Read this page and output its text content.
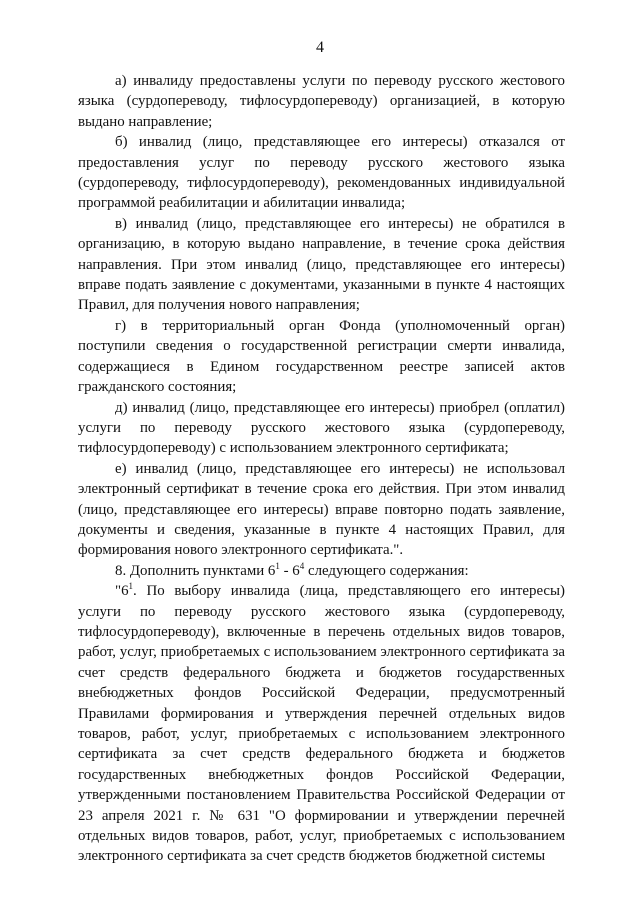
4

а) инвалиду предоставлены услуги по переводу русского жестового языка (сурдопереводу, тифлосурдопереводу) организацией, в которую выдано направление;

б) инвалид (лицо, представляющее его интересы) отказался от предоставления услуг по переводу русского жестового языка (сурдопереводу, тифлосурдопереводу), рекомендованных индивидуальной программой реабилитации и абилитации инвалида;

в) инвалид (лицо, представляющее его интересы) не обратился в организацию, в которую выдано направление, в течение срока действия направления. При этом инвалид (лицо, представляющее его интересы) вправе подать заявление с документами, указанными в пункте 4 настоящих Правил, для получения нового направления;

г) в территориальный орган Фонда (уполномоченный орган) поступили сведения о государственной регистрации смерти инвалида, содержащиеся в Едином государственном реестре записей актов гражданского состояния;

д) инвалид (лицо, представляющее его интересы) приобрел (оплатил) услуги по переводу русского жестового языка (сурдопереводу, тифлосурдопереводу) с использованием электронного сертификата;

е) инвалид (лицо, представляющее его интересы) не использовал электронный сертификат в течение срока его действия. При этом инвалид (лицо, представляющее его интересы) вправе повторно подать заявление, документы и сведения, указанные в пункте 4 настоящих Правил, для формирования нового электронного сертификата.".

8. Дополнить пунктами $6^1 - 6^4$ следующего содержания:

"$6^1$. По выбору инвалида (лица, представляющего его интересы) услуги по переводу русского жестового языка (сурдопереводу, тифлосурдопереводу), включенные в перечень отдельных видов товаров, работ, услуг, приобретаемых с использованием электронного сертификата за счет средств федерального бюджета и бюджетов государственных внебюджетных фондов Российской Федерации, предусмотренный Правилами формирования и утверждения перечней отдельных видов товаров, работ, услуг, приобретаемых с использованием электронного сертификата за счет средств федерального бюджета и бюджетов государственных внебюджетных фондов Российской Федерации, утвержденными постановлением Правительства Российской Федерации от 23 апреля 2021 г. № 631 "О формировании и утверждении перечней отдельных видов товаров, работ, услуг, приобретаемых с использованием электронного сертификата за счет средств бюджетов бюджетной системы
